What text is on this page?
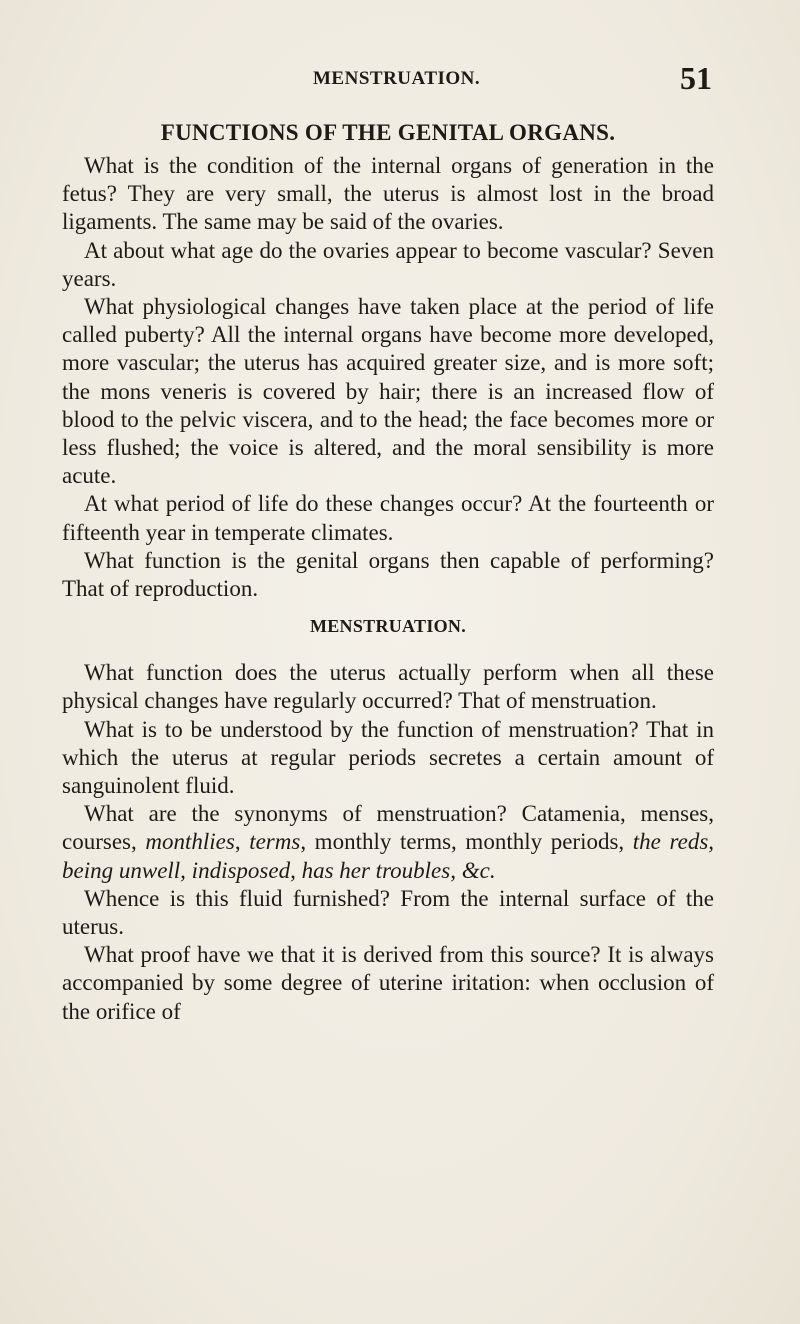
MENSTRUATION.	51
FUNCTIONS OF THE GENITAL ORGANS.

What is the condition of the internal organs of generation in the fetus? They are very small, the uterus is almost lost in the broad ligaments. The same may be said of the ovaries.

At about what age do the ovaries appear to become vascular? Seven years.

What physiological changes have taken place at the period of life called puberty? All the internal organs have become more developed, more vascular; the uterus has acquired greater size, and is more soft; the mons veneris is covered by hair; there is an increased flow of blood to the pelvic viscera, and to the head; the face becomes more or less flushed; the voice is altered, and the moral sensibility is more acute.

At what period of life do these changes occur? At the fourteenth or fifteenth year in temperate climates.

What function is the genital organs then capable of performing? That of reproduction.

MENSTRUATION.

What function does the uterus actually perform when all these physical changes have regularly occurred? That of menstruation.

What is to be understood by the function of menstruation? That in which the uterus at regular periods secretes a certain amount of sanguinolent fluid.

What are the synonyms of menstruation? Catamenia, menses, courses, monthlies, terms, monthly terms, monthly periods, the reds, being unwell, indisposed, has her troubles, &c.

Whence is this fluid furnished? From the internal surface of the uterus.

What proof have we that it is derived from this source? It is always accompanied by some degree of uterine iritation: when occlusion of the orifice of
